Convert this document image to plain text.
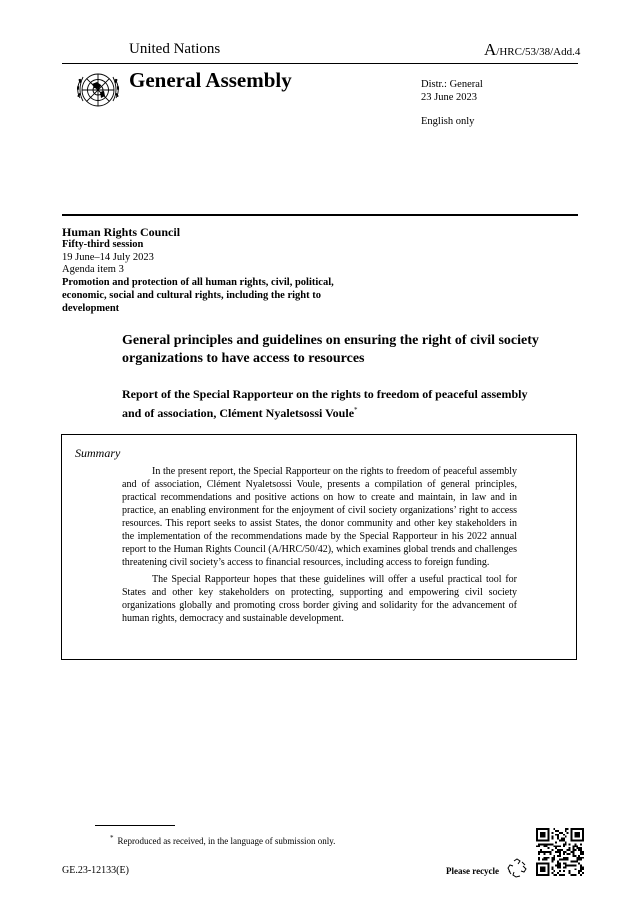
United Nations	A/HRC/53/38/Add.4
General Assembly	Distr.: General
23 June 2023
English only
Human Rights Council
Fifty-third session
19 June–14 July 2023
Agenda item 3
Promotion and protection of all human rights, civil, political, economic, social and cultural rights, including the right to development
General principles and guidelines on ensuring the right of civil society organizations to have access to resources
Report of the Special Rapporteur on the rights to freedom of peaceful assembly and of association, Clément Nyaletsossi Voule*
Summary

In the present report, the Special Rapporteur on the rights to freedom of peaceful assembly and of association, Clément Nyaletsossi Voule, presents a compilation of general principles, practical recommendations and positive actions on how to create and maintain, in law and in practice, an enabling environment for the enjoyment of civil society organizations’ right to access resources. This report seeks to assist States, the donor community and other key stakeholders in the implementation of the recommendations made by the Special Rapporteur in his 2022 annual report to the Human Rights Council (A/HRC/50/42), which examines global trends and challenges threatening civil society’s access to financial resources, including access to foreign funding.

The Special Rapporteur hopes that these guidelines will offer a useful practical tool for States and other key stakeholders on protecting, supporting and empowering civil society organizations globally and promoting cross border giving and solidarity for the advancement of human rights, democracy and sustainable development.

* Reproduced as received, in the language of submission only.
GE.23-12133(E)	Please recycle
